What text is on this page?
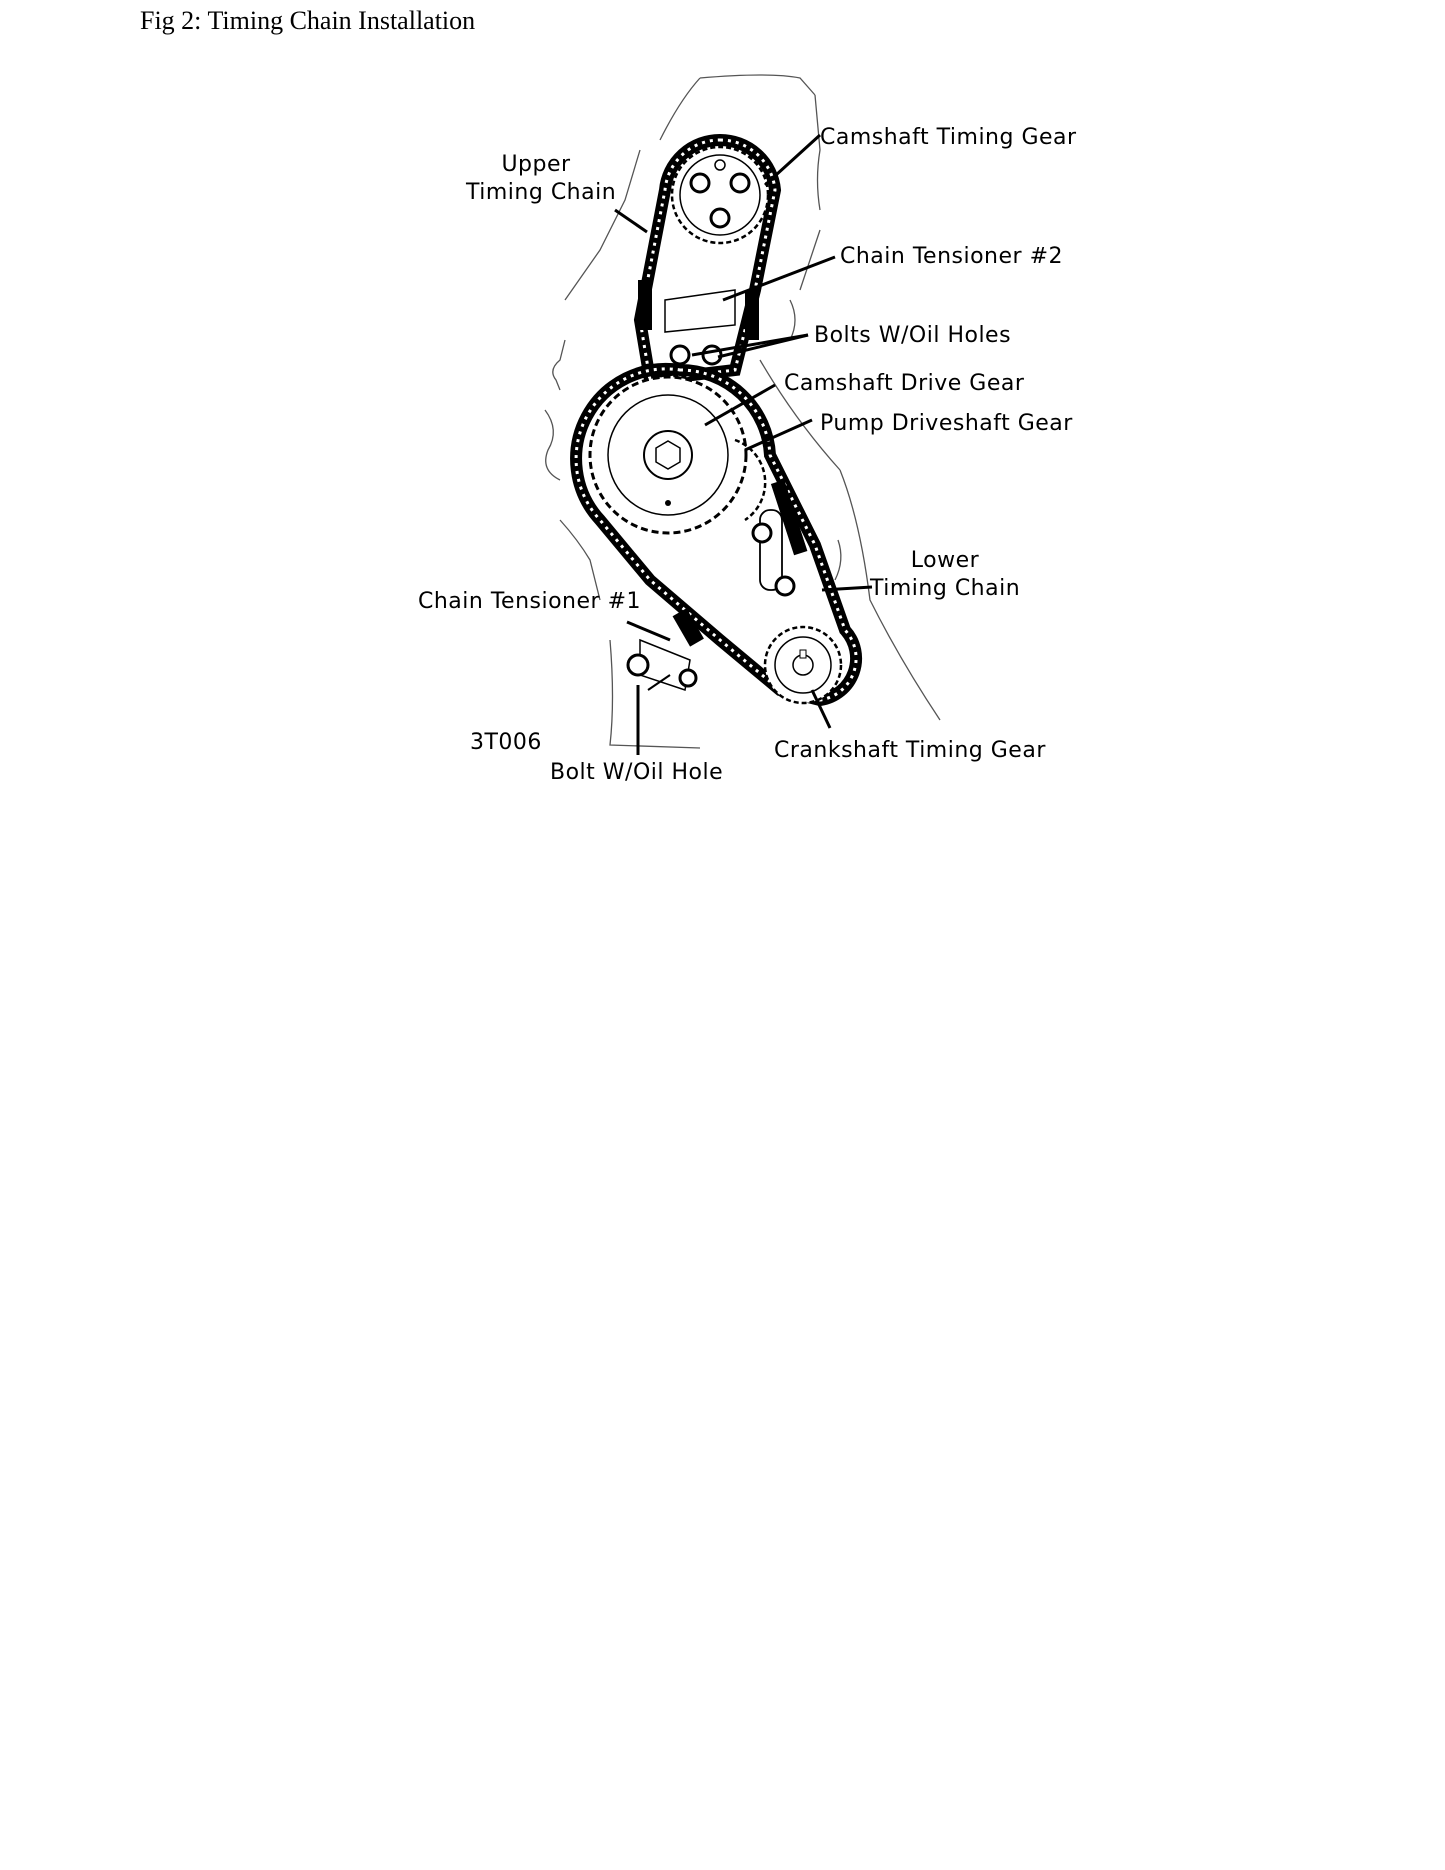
Fig 2: Timing Chain Installation
Upper
Timing Chain
Camshaft Timing Gear
Chain Tensioner #2
Bolts W/Oil Holes
Camshaft Drive Gear
Pump Driveshaft Gear
Lower
Timing Chain
Chain Tensioner #1
3T006
Bolt W/Oil Hole
Crankshaft Timing Gear
